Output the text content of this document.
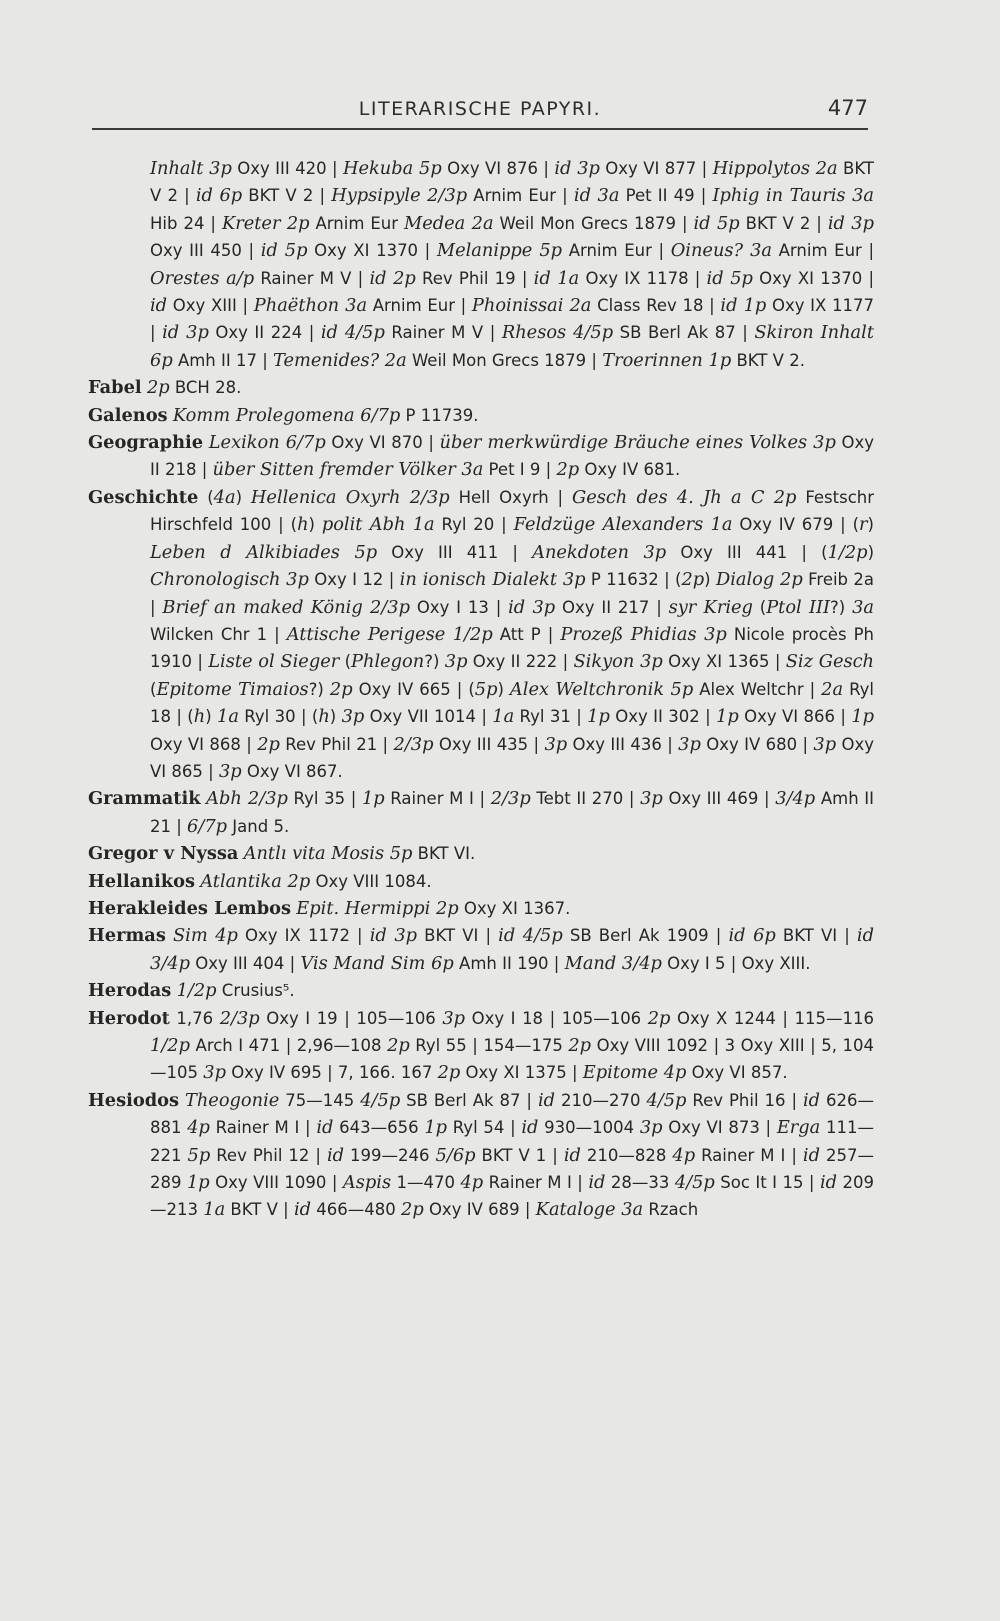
LITERARISCHE PAPYRI.	477

Inhalt 3p Oxy III 420 | Hekuba 5p Oxy VI 876 | id 3p Oxy VI 877 | Hippolytos 2a BKT V 2 | id 6p BKT V 2 | Hypsipyle 2/3p Arnim Eur | id 3a Pet II 49 | Iphig in Tauris 3a Hib 24 | Kreter 2p Arnim Eur Medea 2a Weil Mon Grecs 1879 | id 5p BKT V 2 | id 3p Oxy III 450 | id 5p Oxy XI 1370 | Melanippe 5p Arnim Eur | Oineus? 3a Arnim Eur | Orestes a/p Rainer M V | id 2p Rev Phil 19 | id 1a Oxy IX 1178 | id 5p Oxy XI 1370 | id Oxy XIII | Phaëthon 3a Arnim Eur | Phoinissai 2a Class Rev 18 | id 1p Oxy IX 1177 | id 3p Oxy II 224 | id 4/5p Rainer M V | Rhesos 4/5p SB Berl Ak 87 | Skiron Inhalt 6p Amh II 17 | Temenides? 2a Weil Mon Grecs 1879 | Troerinnen 1p BKT V 2.

Fabel 2p BCH 28.

Galenos Komm Prolegomena 6/7p P 11739.

Geographie Lexikon 6/7p Oxy VI 870 | über merkwürdige Bräuche eines Volkes 3p Oxy II 218 | über Sitten fremder Völker 3a Pet I 9 | 2p Oxy IV 681.

Geschichte (4a) Hellenica Oxyrh 2/3p Hell Oxyrh | Gesch des 4. Jh a C 2p Festschr Hirschfeld 100 | (h) polit Abh 1a Ryl 20 | Feldzüge Alexanders 1a Oxy IV 679 | (r) Leben d Alkibiades 5p Oxy III 411 | Anekdoten 3p Oxy III 441 | (1/2p) Chronologisch 3p Oxy I 12 | in ionisch Dialekt 3p P 11632 | (2p) Dialog 2p Freib 2a | Brief an maked König 2/3p Oxy I 13 | id 3p Oxy II 217 | syr Krieg (Ptol III?) 3a Wilcken Chr 1 | Attische Perigese 1/2p Att P | Prozeß Phidias 3p Nicole procès Ph 1910 | Liste ol Sieger (Phlegon?) 3p Oxy II 222 | Sikyon 3p Oxy XI 1365 | Siz Gesch (Epitome Timaios?) 2p Oxy IV 665 | (5p) Alex Weltchronik 5p Alex Weltchr | 2a Ryl 18 | (h) 1a Ryl 30 | (h) 3p Oxy VII 1014 | 1a Ryl 31 | 1p Oxy II 302 | 1p Oxy VI 866 | 1p Oxy VI 868 | 2p Rev Phil 21 | 2/3p Oxy III 435 | 3p Oxy III 436 | 3p Oxy IV 680 | 3p Oxy VI 865 | 3p Oxy VI 867.

Grammatik Abh 2/3p Ryl 35 | 1p Rainer M I | 2/3p Tebt II 270 | 3p Oxy III 469 | 3/4p Amh II 21 | 6/7p Jand 5.

Gregor v Nyssa Antlı vita Mosis 5p BKT VI.

Hellanikos Atlantika 2p Oxy VIII 1084.

Herakleides Lembos Epit. Hermippi 2p Oxy XI 1367.

Hermas Sim 4p Oxy IX 1172 | id 3p BKT VI | id 4/5p SB Berl Ak 1909 | id 6p BKT VI | id 3/4p Oxy III 404 | Vis Mand Sim 6p Amh II 190 | Mand 3/4p Oxy I 5 | Oxy XIII.

Herodas 1/2p Crusius⁵.

Herodot 1,76 2/3p Oxy I 19 | 105—106 3p Oxy I 18 | 105—106 2p Oxy X 1244 | 115—116 1/2p Arch I 471 | 2,96—108 2p Ryl 55 | 154—175 2p Oxy VIII 1092 | 3 Oxy XIII | 5, 104—105 3p Oxy IV 695 | 7, 166. 167 2p Oxy XI 1375 | Epitome 4p Oxy VI 857.

Hesiodos Theogonie 75—145 4/5p SB Berl Ak 87 | id 210—270 4/5p Rev Phil 16 | id 626—881 4p Rainer M I | id 643—656 1p Ryl 54 | id 930—1004 3p Oxy VI 873 | Erga 111—221 5p Rev Phil 12 | id 199—246 5/6p BKT V 1 | id 210—828 4p Rainer M I | id 257—289 1p Oxy VIII 1090 | Aspis 1—470 4p Rainer M I | id 28—33 4/5p Soc It I 15 | id 209—213 1a BKT V | id 466—480 2p Oxy IV 689 | Kataloge 3a Rzach
